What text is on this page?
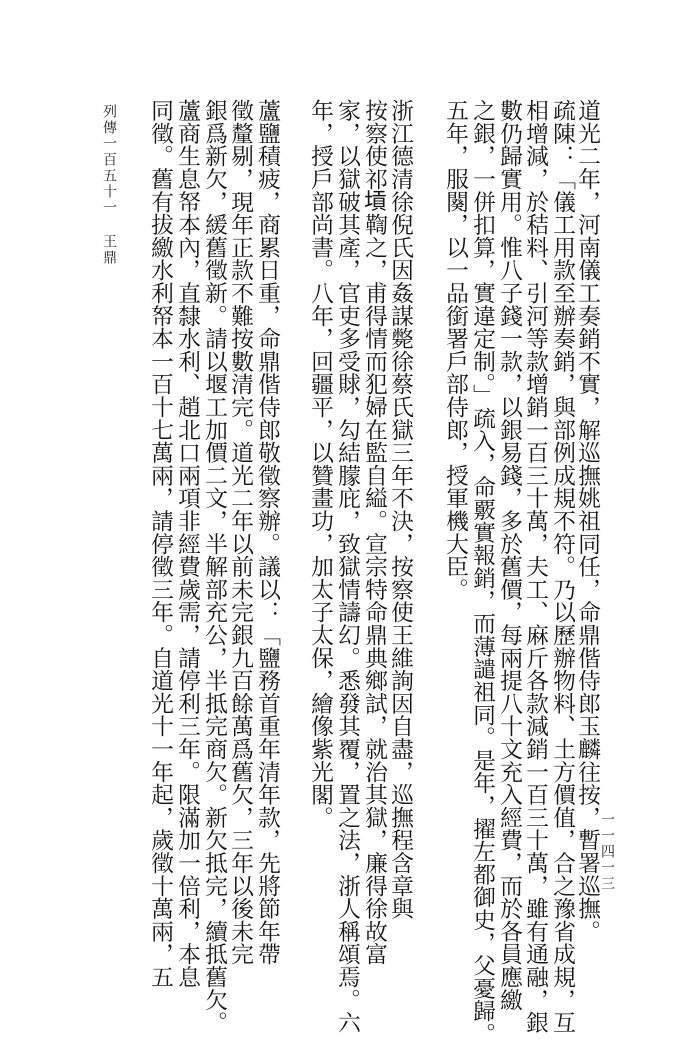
道光二年，河南儀工奏銷不實，解巡撫姚祖同任，命鼎偕侍郎玉麟往按，暫署巡撫。
疏陳：「儀工用款至辦奏銷，與部例成規不符。乃以歷辦物料、土方價值，合之豫省成規，互
相增減，於秸料、引河等款增銷一百三十萬，夫工、麻斤各款減銷一百三十萬，雖有通融，銀
數仍歸實用。惟八子錢一款，以銀易錢，多於舊價，每兩提八十文充入經費，而於各員應繳
之銀，一併扣算，實違定制。」疏入，命覈實報銷，而薄譴祖同。是年，擢左都御史，父憂歸。
五年，服闋，以一品銜署戶部侍郎，授軍機大臣。
浙江德清徐倪氏因姦謀斃徐蔡氏獄三年不決，按察使王維詢因自盡，巡撫程含章與
按察使祁𡎴鞫之，甫得情而犯婦在監自縊。宣宗特命鼎典鄉試，就治其獄，廉得徐故富
家，以獄破其產，官吏多受賕，勾結朦庇，致獄情譸幻。悉發其覆，置之法，浙人稱頌焉。六
年，授戶部尚書。八年，回疆平，以贊畫功，加太子太保，繪像紫光閣。
蘆鹽積疲，商累日重，命鼎偕侍郎敬徵察辦。議以：「鹽務首重年清年款，先將節年帶
徵釐剔，現年正款不難按數清完。道光二年以前未完銀九百餘萬爲舊欠，三年以後未完
銀爲新欠，緩舊徵新。請以堰工加價二文，半解部充公，半抵完商欠。新欠抵完，續抵舊欠。
蘆商生息帑本內，直隸水利、趙北口兩項非經費歲需，請停利三年。限滿加一倍利，本息
同徵。舊有拔繳水利帑本一百十七萬兩，請停徵三年。自道光十一年起，歲徵十萬兩，五
列傳一百五十一 王鼎
一一四一三
